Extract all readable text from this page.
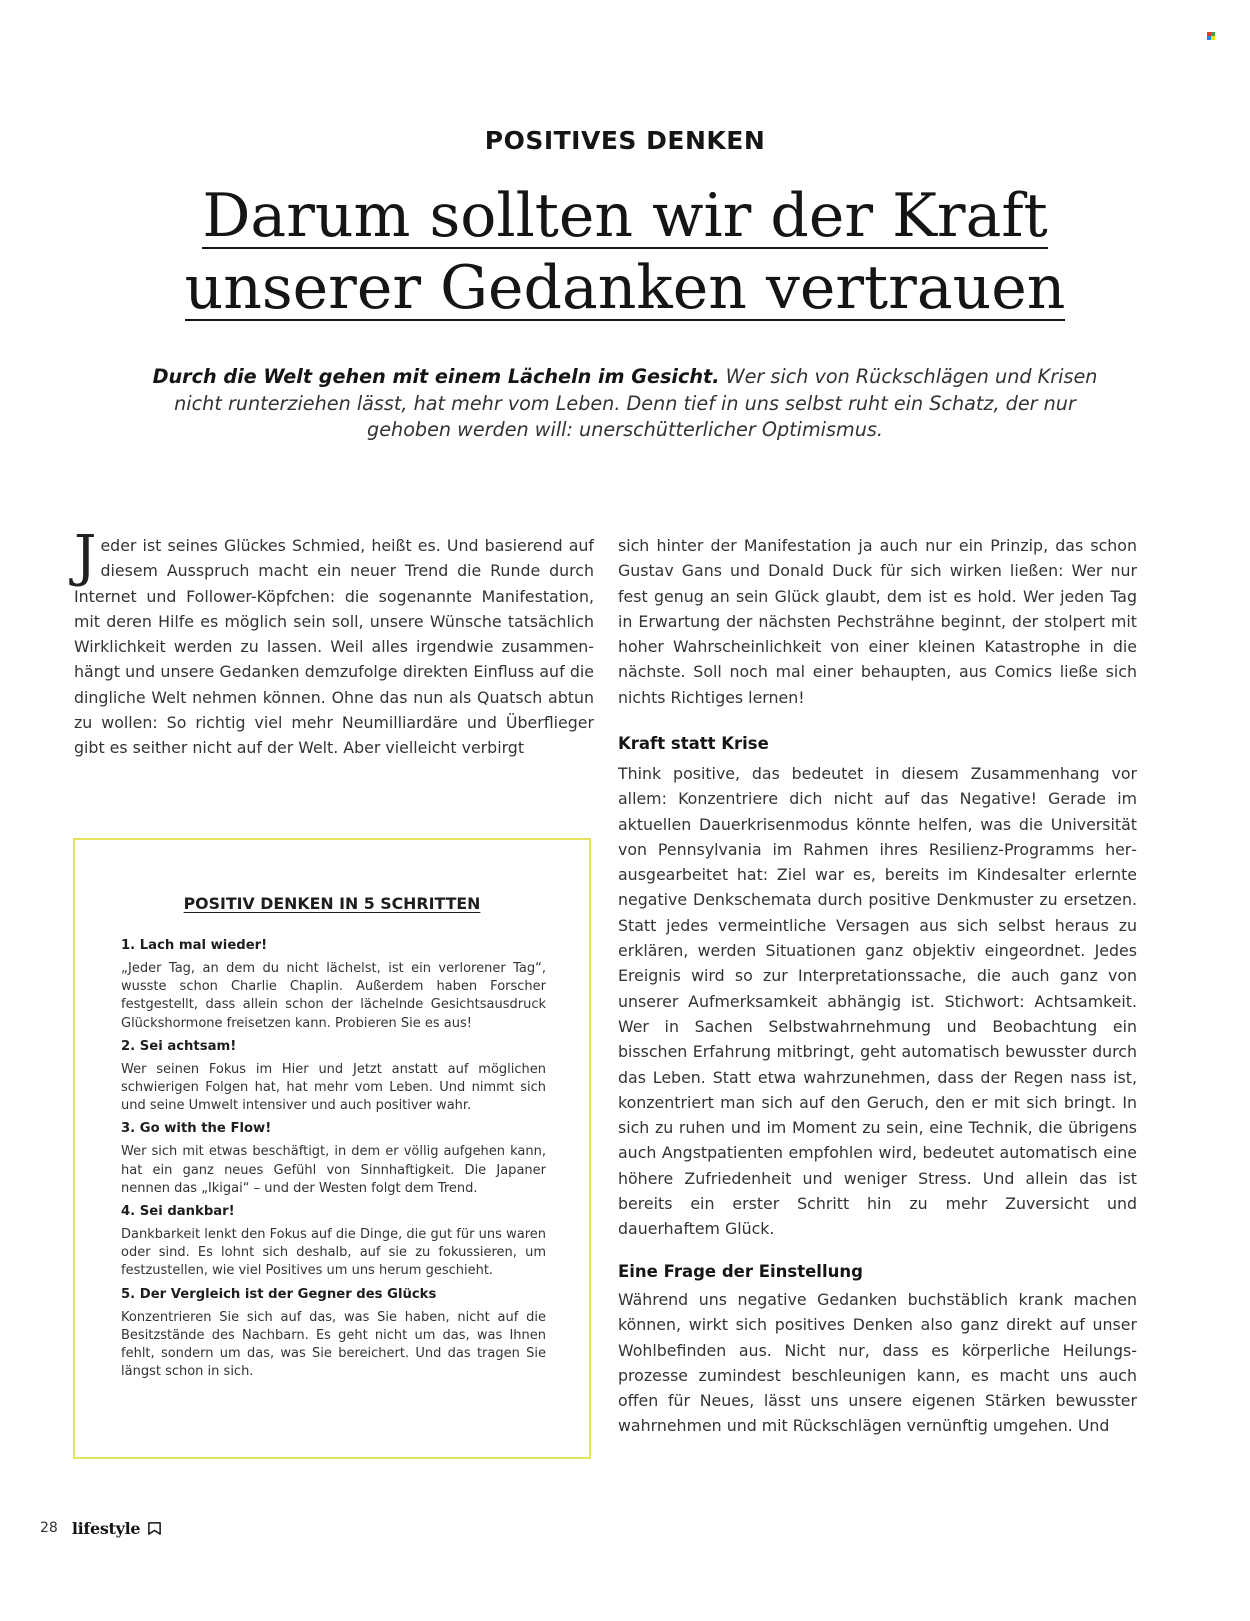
POSITIVES DENKEN
Darum sollten wir der Kraft
unserer Gedanken vertrauen

Durch die Welt gehen mit einem Lächeln im Gesicht. Wer sich von Rückschlägen und Krisen nicht runterziehen lässt, hat mehr vom Leben. Denn tief in uns selbst ruht ein Schatz, der nur gehoben werden will: unerschütterlicher Optimismus.

Jeder ist seines Glückes Schmied, heißt es. Und basierend auf diesem Ausspruch macht ein neuer Trend die Runde durch Internet und Follower-Köpfchen: die sogenannte Manifestation, mit deren Hilfe es möglich sein soll, unsere Wünsche tatsächlich Wirklichkeit werden zu lassen. Weil alles irgendwie zusammenhängt und unsere Gedanken demzufolge direkten Einfluss auf die dingliche Welt nehmen können. Ohne das nun als Quatsch abtun zu wollen: So richtig viel mehr Neumilliardäre und Überflieger gibt es seither nicht auf der Welt. Aber vielleicht verbirgt

sich hinter der Manifestation ja auch nur ein Prinzip, das schon Gustav Gans und Donald Duck für sich wirken ließen: Wer nur fest genug an sein Glück glaubt, dem ist es hold. Wer jeden Tag in Erwartung der nächsten Pechsträhne beginnt, der stolpert mit hoher Wahrscheinlichkeit von einer kleinen Katastrophe in die nächste. Soll noch mal einer behaupten, aus Comics ließe sich nichts Richtiges lernen!

Kraft statt Krise

Think positive, das bedeutet in diesem Zusammenhang vor allem: Konzentriere dich nicht auf das Negative! Gerade im aktuellen Dauerkrisenmodus könnte helfen, was die Universität von Pennsylvania im Rahmen ihres Resilienz-Programms herausgearbeitet hat: Ziel war es, bereits im Kindesalter erlernte negative Denkschemata durch positive Denkmuster zu ersetzen. Statt jedes vermeintliche Versagen aus sich selbst heraus zu erklären, werden Situationen ganz objektiv eingeordnet. Jedes Ereignis wird so zur Interpretationssache, die auch ganz von unserer Aufmerksamkeit abhängig ist. Stichwort: Achtsamkeit. Wer in Sachen Selbstwahrnehmung und Beobachtung ein bisschen Erfahrung mitbringt, geht automatisch bewusster durch das Leben. Statt etwa wahrzunehmen, dass der Regen nass ist, konzentriert man sich auf den Geruch, den er mit sich bringt. In sich zu ruhen und im Moment zu sein, eine Technik, die übrigens auch Angstpatienten empfohlen wird, bedeutet automatisch eine höhere Zufriedenheit und weniger Stress. Und allein das ist bereits ein erster Schritt hin zu mehr Zuversicht und dauerhaftem Glück.

Eine Frage der Einstellung

Während uns negative Gedanken buchstäblich krank machen können, wirkt sich positives Denken also ganz direkt auf unser Wohlbefinden aus. Nicht nur, dass es körperliche Heilungsprozesse zumindest beschleunigen kann, es macht uns auch offen für Neues, lässt uns unsere eigenen Stärken bewusster wahrnehmen und mit Rückschlägen vernünftig umgehen. Und

POSITIV DENKEN IN 5 SCHRITTEN

1. Lach mal wieder!

„Jeder Tag, an dem du nicht lächelst, ist ein verlorener Tag“, wusste schon Charlie Chaplin. Außerdem haben Forscher festgestellt, dass allein schon der lächelnde Gesichtsausdruck Glückshormone freisetzen kann. Probieren Sie es aus!

2. Sei achtsam!

Wer seinen Fokus im Hier und Jetzt anstatt auf möglichen schwierigen Folgen hat, hat mehr vom Leben. Und nimmt sich und seine Umwelt intensiver und auch positiver wahr.

3. Go with the Flow!

Wer sich mit etwas beschäftigt, in dem er völlig aufgehen kann, hat ein ganz neues Gefühl von Sinnhaftigkeit. Die Japaner nennen das „Ikigai“ – und der Westen folgt dem Trend.

4. Sei dankbar!

Dankbarkeit lenkt den Fokus auf die Dinge, die gut für uns waren oder sind. Es lohnt sich deshalb, auf sie zu fokussieren, um festzustellen, wie viel Positives um uns herum geschieht.

5. Der Vergleich ist der Gegner des Glücks

Konzentrieren Sie sich auf das, was Sie haben, nicht auf die Besitzstände des Nachbarn. Es geht nicht um das, was Ihnen fehlt, sondern um das, was Sie bereichert. Und das tragen Sie längst schon in sich.

28 lifestyle
